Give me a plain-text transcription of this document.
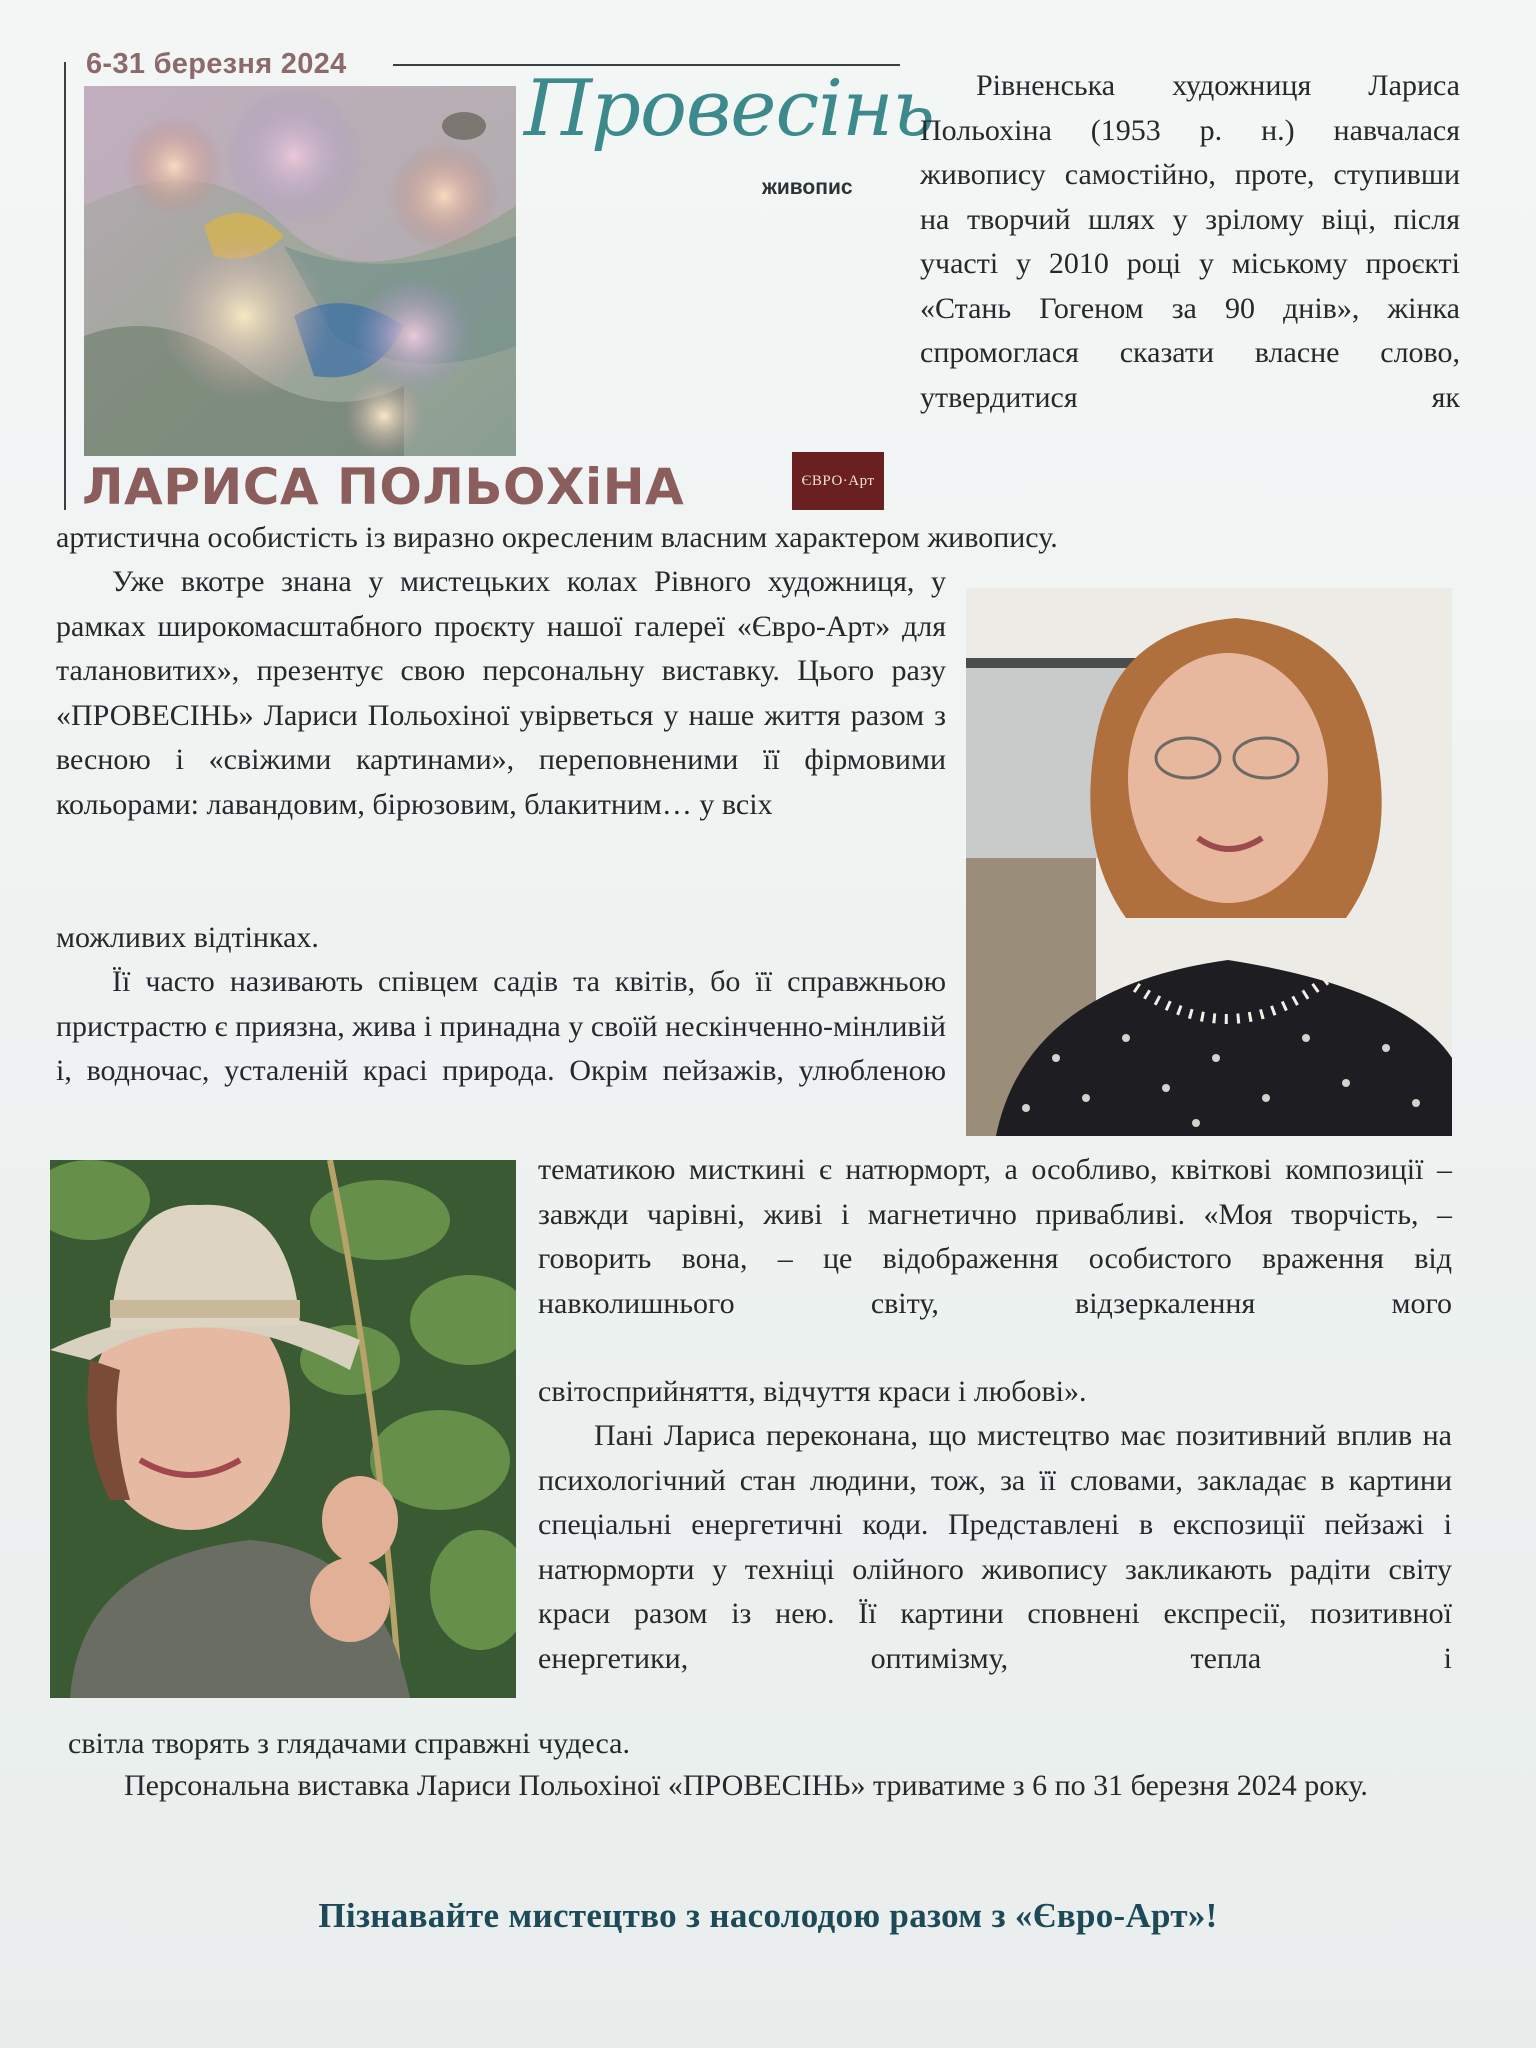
6-31 березня 2024 Провесінь
живопис
ЛАРИСА ПОЛЬОХіНА	ЄВРО·Арт

Рівненська художниця Лариса Польохіна (1953 р. н.) навчалася живопису самостійно, проте, ступивши на творчий шлях у зрілому віці, після участі у 2010 році у міському проєкті «Стань Гогеном за 90 днів», жінка спромоглася сказати власне слово, утвердитися як

артистична особистість із виразно окресленим власним характером живопису.

Уже вкотре знана у мистецьких колах Рівного художниця, у рамках широкомасштабного проєкту нашої галереї «Євро-Арт» для талановитих», презентує свою персональну виставку. Цього разу «ПРОВЕСІНЬ» Лариси Польохіної увірветься у наше життя разом з весною і «свіжими картинами», переповненими її фірмовими кольорами: лавандовим, бірюзовим, блакитним… у всіх

можливих відтінках.

Її часто називають співцем садів та квітів, бо її справжньою пристрастю є приязна, жива і принадна у своїй нескінченно-мінливій і, водночас, усталеній красі природа. Окрім пейзажів, улюбленою

тематикою мисткині є натюрморт, а особливо, квіткові композиції – завжди чарівні, живі і магнетично привабливі. «Моя творчість, – говорить вона, – це відображення особистого враження від навколишнього світу, відзеркалення мого

світосприйняття, відчуття краси і любові».

Пані Лариса переконана, що мистецтво має позитивний вплив на психологічний стан людини, тож, за її словами, закладає в картини спеціальні енергетичні коди. Представлені в експозиції пейзажі і натюрморти у техніці олійного живопису закликають радіти світу краси разом із нею. Її картини сповнені експресії, позитивної енергетики, оптимізму, тепла і

світла творять з глядачами справжні чудеса.

Персональна виставка Лариси Польохіної «ПРОВЕСІНЬ» триватиме з 6 по 31 березня 2024 року.

Пізнавайте мистецтво з насолодою разом з «Євро-Арт»!
